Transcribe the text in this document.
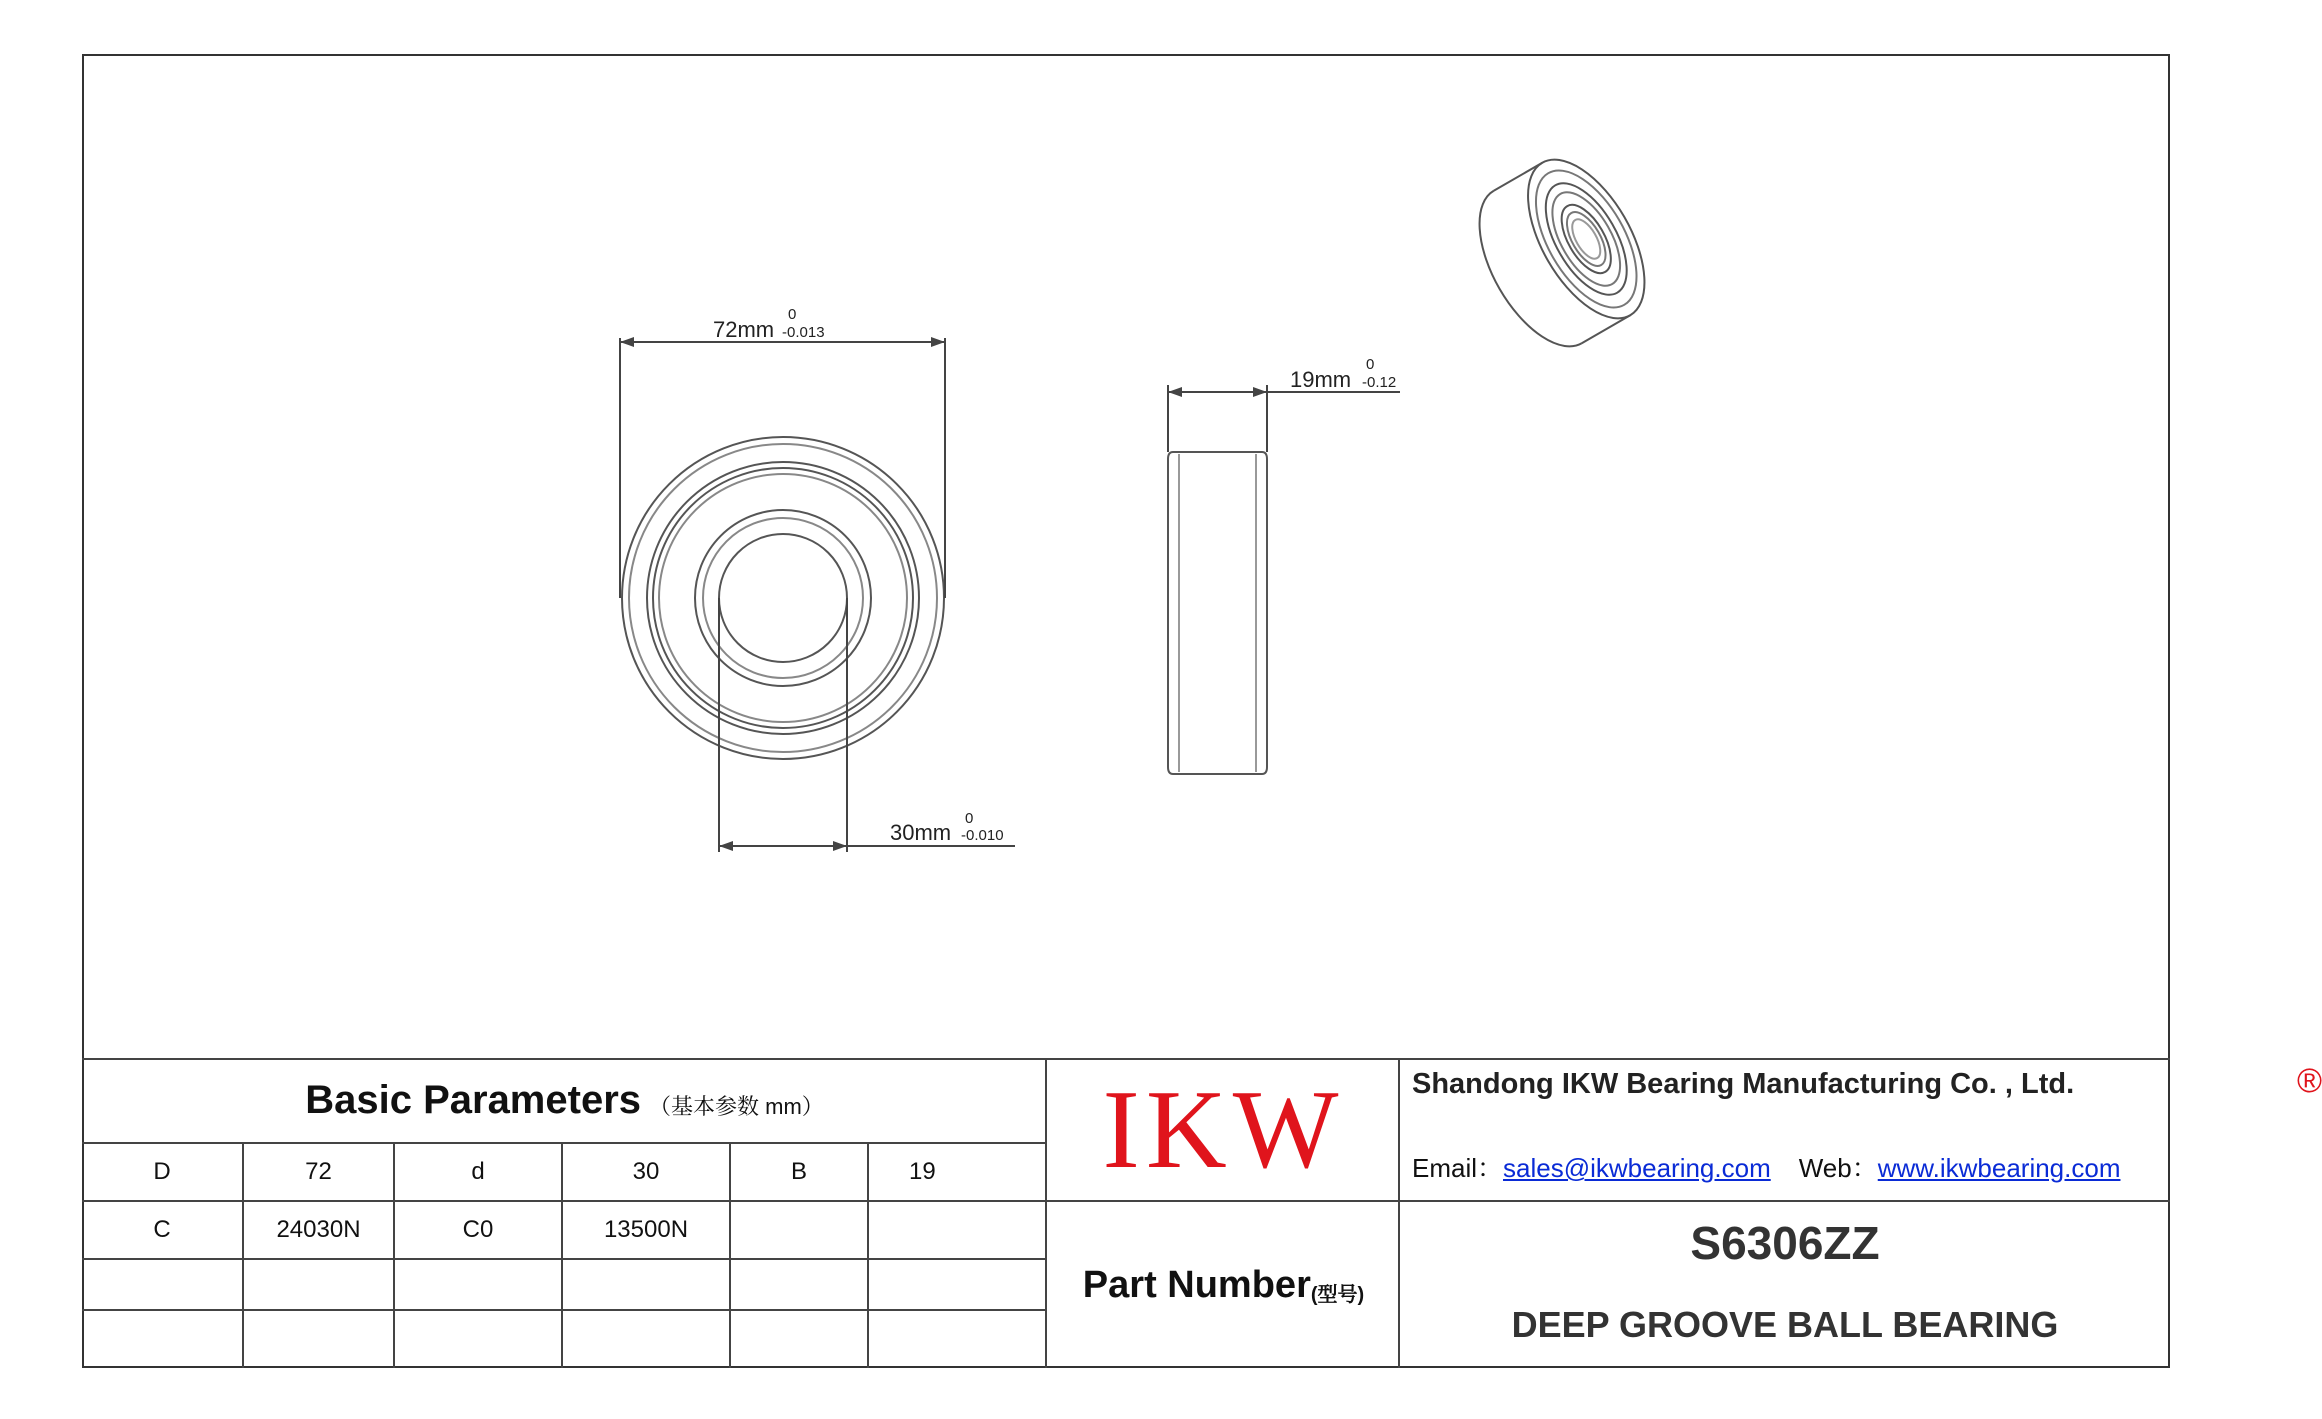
72mm
0
-0.013
30mm
0
-0.010
19mm
0
-0.12
Basic Parameters （基本参数 mm）
D	72	d	30	B	19
C	24030N	C0	13500N
IKW	®
Shandong IKW Bearing Manufacturing Co. , Ltd.
Email：sales@ikwbearing.com Web：www.ikwbearing.com
Part Number (型号)
S6306ZZ
DEEP GROOVE BALL BEARING
